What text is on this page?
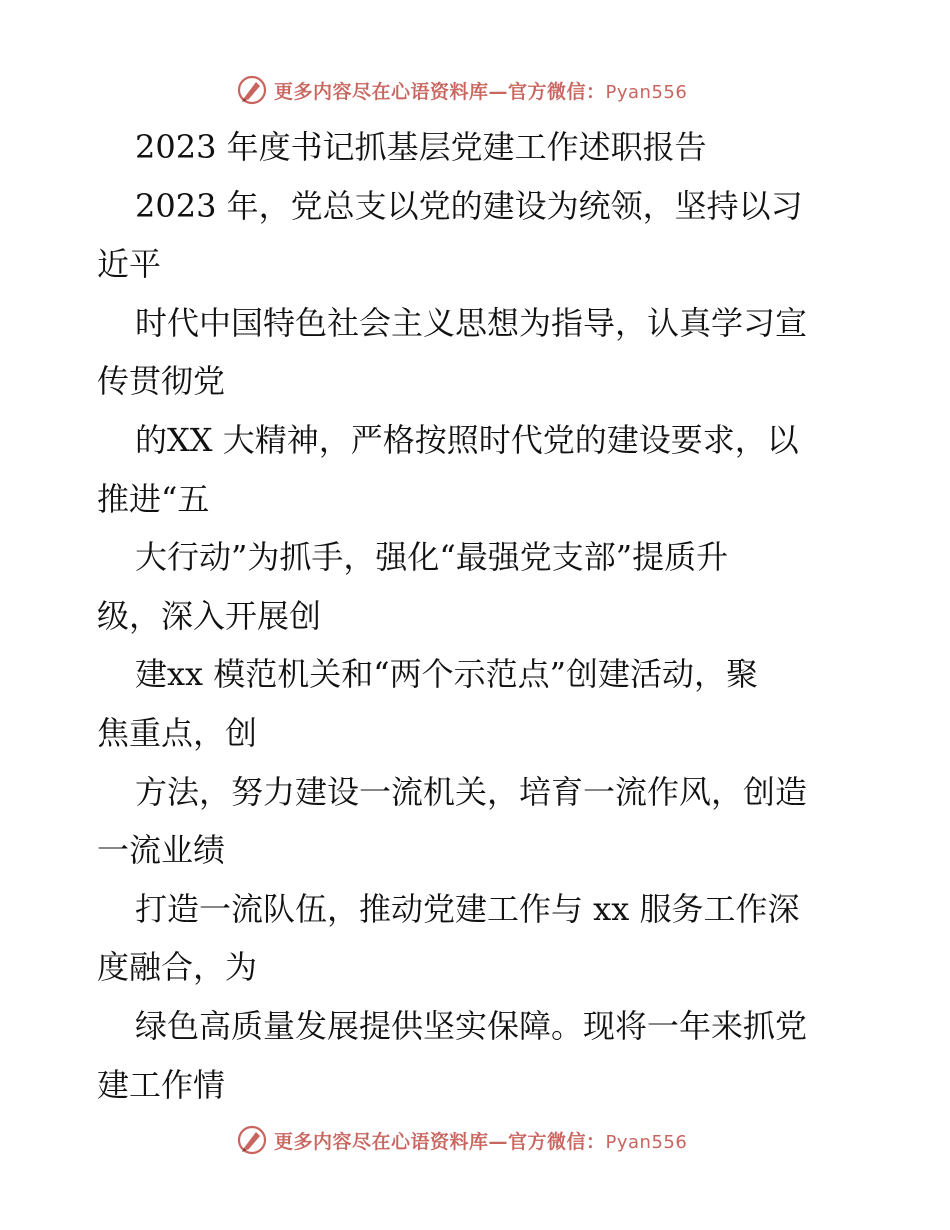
更多内容尽在心语资料库—官方微信：Pyan556
2023 年度书记抓基层党建工作述职报告
2023 年，党总支以党的建设为统领，坚持以习
近平
时代中国特色社会主义思想为指导，认真学习宣
传贯彻党
的XX 大精神，严格按照时代党的建设要求，以
推进“五
大行动”为抓手，强化“最强党支部”提质升
级，深入开展创
建xx 模范机关和“两个示范点”创建活动，聚
焦重点，创
方法，努力建设一流机关，培育一流作风，创造
一流业绩
打造一流队伍，推动党建工作与 xx 服务工作深
度融合，为
绿色高质量发展提供坚实保障。现将一年来抓党
建工作情
更多内容尽在心语资料库—官方微信：Pyan556
